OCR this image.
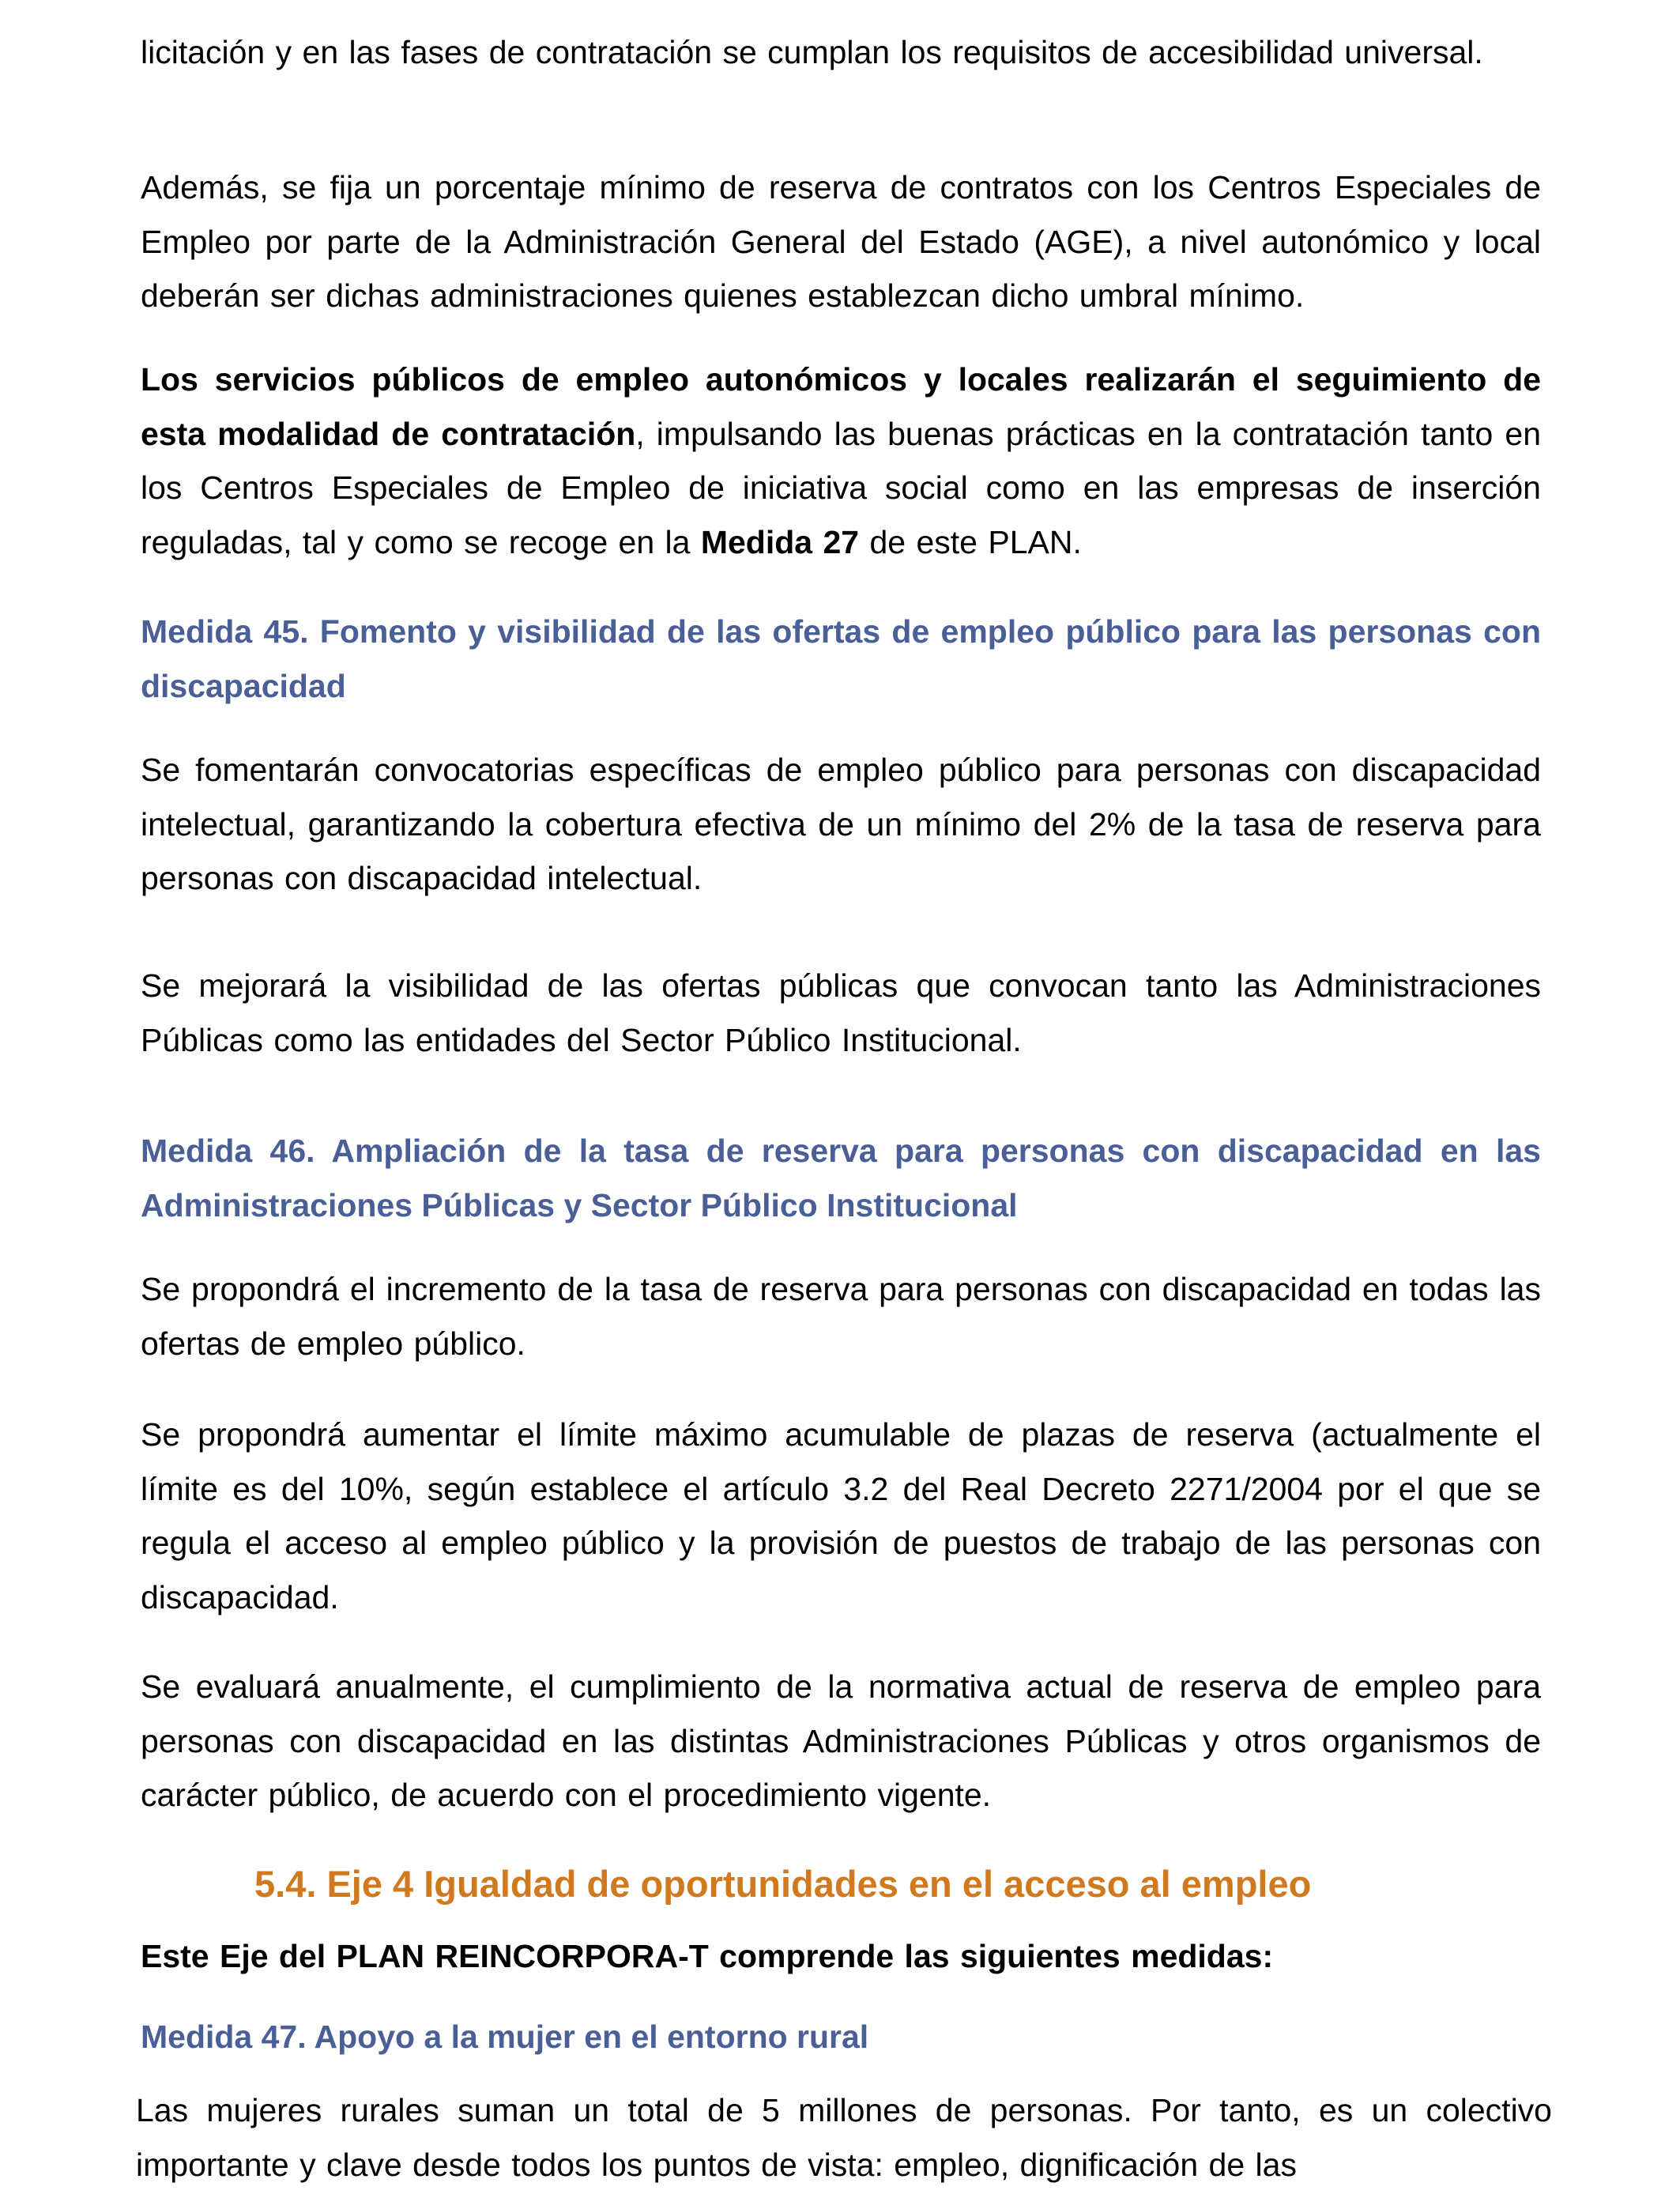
licitación y en las fases de contratación se cumplan los requisitos de accesibilidad universal.

Además, se fija un porcentaje mínimo de reserva de contratos con los Centros Especiales de Empleo por parte de la Administración General del Estado (AGE), a nivel autonómico y local deberán ser dichas administraciones quienes establezcan dicho umbral mínimo.

Los servicios públicos de empleo autonómicos y locales realizarán el seguimiento de esta modalidad de contratación, impulsando las buenas prácticas en la contratación tanto en los Centros Especiales de Empleo de iniciativa social como en las empresas de inserción reguladas, tal y como se recoge en la Medida 27 de este PLAN.

Medida 45. Fomento y visibilidad de las ofertas de empleo público para las personas con discapacidad

Se fomentarán convocatorias específicas de empleo público para personas con discapacidad intelectual, garantizando la cobertura efectiva de un mínimo del 2% de la tasa de reserva para personas con discapacidad intelectual.

Se mejorará la visibilidad de las ofertas públicas que convocan tanto las Administraciones Públicas como las entidades del Sector Público Institucional.

Medida 46. Ampliación de la tasa de reserva para personas con discapacidad en las Administraciones Públicas y Sector Público Institucional

Se propondrá el incremento de la tasa de reserva para personas con discapacidad en todas las ofertas de empleo público.

Se propondrá aumentar el límite máximo acumulable de plazas de reserva (actualmente el límite es del 10%, según establece el artículo 3.2 del Real Decreto 2271/2004 por el que se regula el acceso al empleo público y la provisión de puestos de trabajo de las personas con discapacidad.

Se evaluará anualmente, el cumplimiento de la normativa actual de reserva de empleo para personas con discapacidad en las distintas Administraciones Públicas y otros organismos de carácter público, de acuerdo con el procedimiento vigente.

5.4. Eje 4 Igualdad de oportunidades en el acceso al empleo

Este Eje del PLAN REINCORPORA-T comprende las siguientes medidas:

Medida 47. Apoyo a la mujer en el entorno rural

Las mujeres rurales suman un total de 5 millones de personas. Por tanto, es un colectivo importante y clave desde todos los puntos de vista: empleo, dignificación de las
